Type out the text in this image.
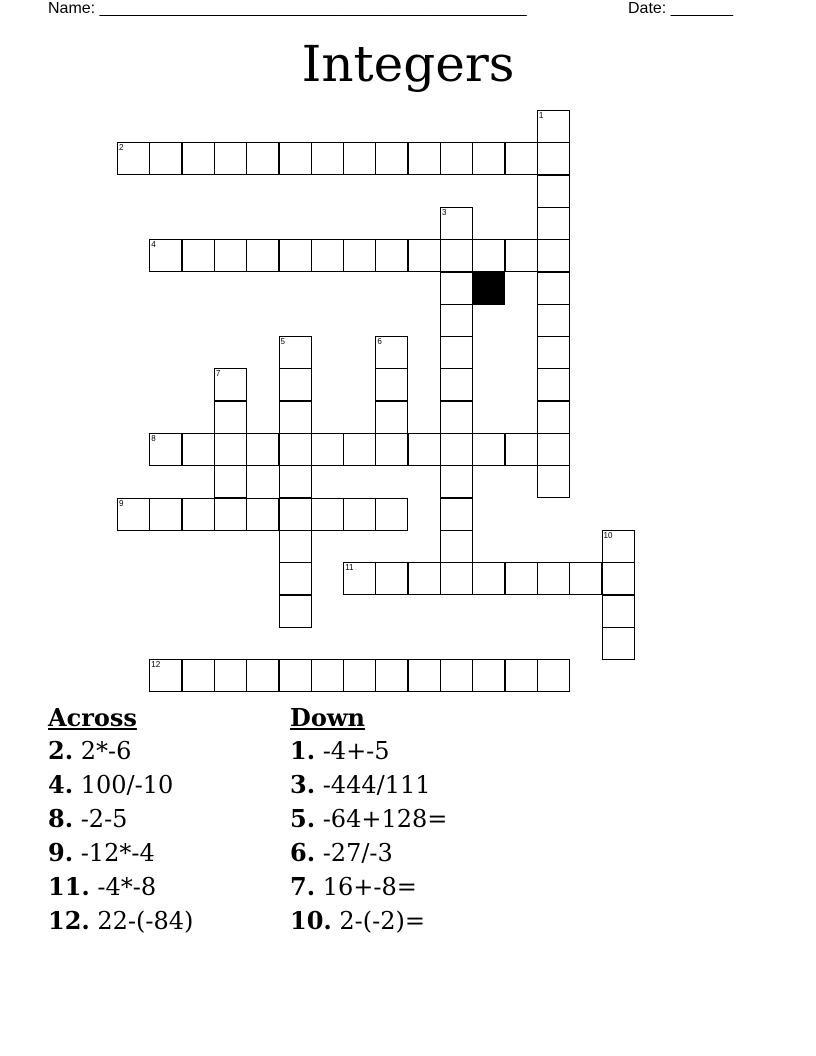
Name: ________________________________________________

	Date: _______

Integers
1
2
3
4
5	6
7
8
9
10
11
12
Across
2. 2*-6
4. 100/-10
8. -2-5
9. -12*-4
11. -4*-8
12. 22-(-84)
Down
1. -4+-5
3. -444/111
5. -64+128=
6. -27/-3
7. 16+-8=
10. 2-(-2)=
